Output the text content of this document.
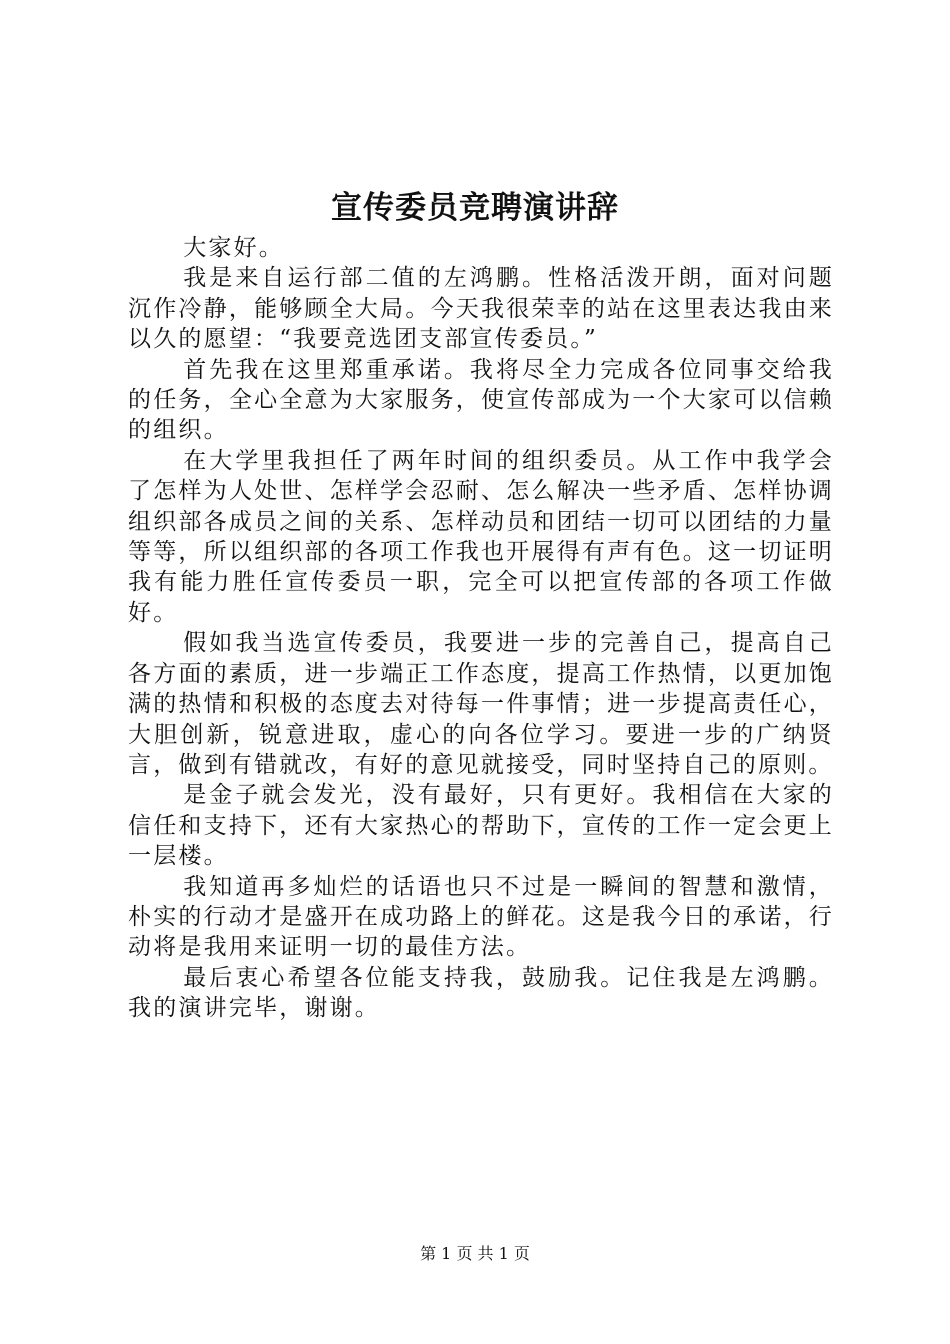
宣传委员竞聘演讲辞

大家好。

我是来自运行部二值的左鸿鹏。性格活泼开朗，面对问题沉作冷静，能够顾全大局。今天我很荣幸的站在这里表达我由来以久的愿望：“我要竞选团支部宣传委员。”

首先我在这里郑重承诺。我将尽全力完成各位同事交给我的任务，全心全意为大家服务，使宣传部成为一个大家可以信赖的组织。

在大学里我担任了两年时间的组织委员。从工作中我学会了怎样为人处世、怎样学会忍耐、怎么解决一些矛盾、怎样协调组织部各成员之间的关系、怎样动员和团结一切可以团结的力量等等，所以组织部的各项工作我也开展得有声有色。这一切证明我有能力胜任宣传委员一职，完全可以把宣传部的各项工作做好。

假如我当选宣传委员，我要进一步的完善自己，提高自己各方面的素质，进一步端正工作态度，提高工作热情，以更加饱满的热情和积极的态度去对待每一件事情；进一步提高责任心，大胆创新，锐意进取，虚心的向各位学习。要进一步的广纳贤言，做到有错就改，有好的意见就接受，同时坚持自己的原则。

是金子就会发光，没有最好，只有更好。我相信在大家的信任和支持下，还有大家热心的帮助下，宣传的工作一定会更上一层楼。

我知道再多灿烂的话语也只不过是一瞬间的智慧和激情，朴实的行动才是盛开在成功路上的鲜花。这是我今日的承诺，行动将是我用来证明一切的最佳方法。

最后衷心希望各位能支持我，鼓励我。记住我是左鸿鹏。我的演讲完毕，谢谢。

第 1 页 共 1 页
